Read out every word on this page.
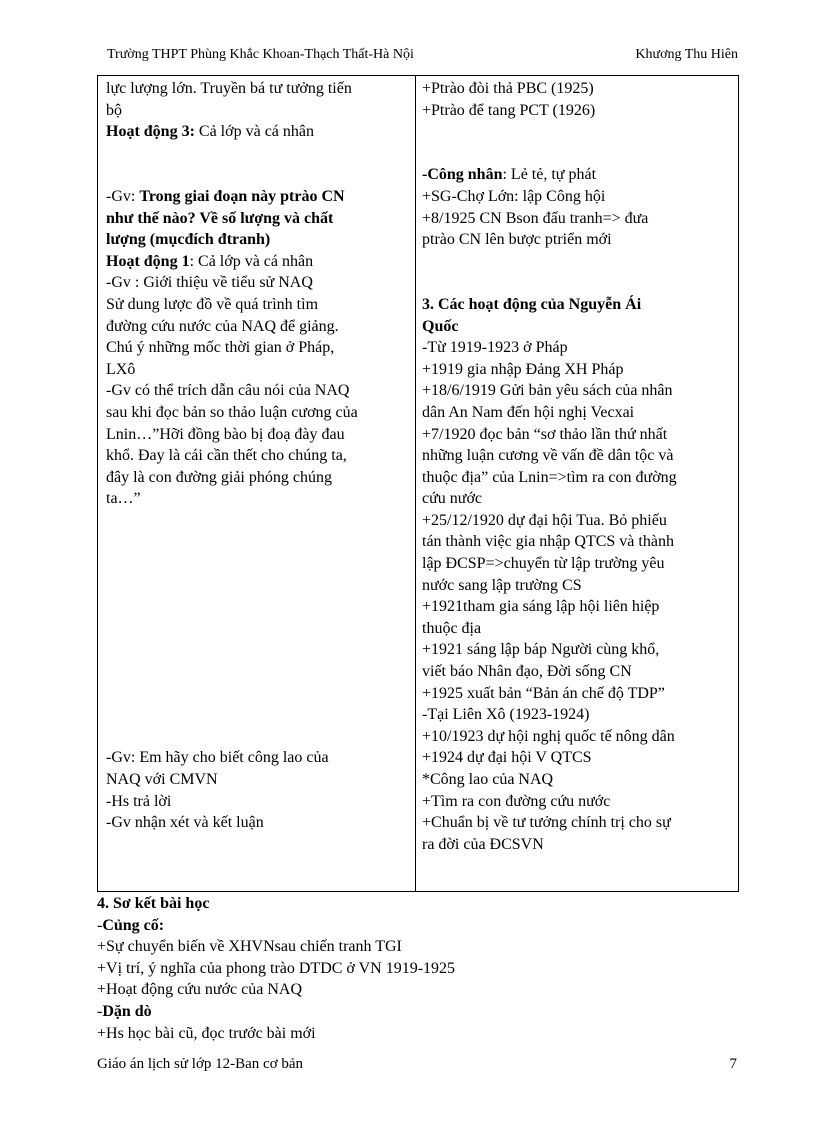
Trường THPT Phùng Khắc Khoan-Thạch Thất-Hà Nội	Khương Thu Hiên
lực lượng lớn. Truyền bá tư tưởng tiến
bộ
Hoạt động 3: Cả lớp và cá nhân
-Gv: Trong giai đoạn này ptrào CN
như thế nào? Về số lượng và chất
lượng (mụcđích đtranh)
Hoạt động 1: Cả lớp và cá nhân
-Gv : Giới thiệu về tiểu sử NAQ
Sử dung lược đồ về quá trình tìm
đường cứu nước của NAQ để giảng.
Chú ý những mốc thời gian ở Pháp,
LXô
-Gv có thể trích dẫn câu nói của NAQ
sau khi đọc bản so thảo luận cương của
Lnin…”Hỡi đồng bào bị đoạ đày đau
khổ. Đay là cái cần thết cho chúng ta,
đây là con đường giải phóng chúng
ta…”
-Gv: Em hãy cho biết công lao của
NAQ với CMVN
-Hs trả lời
-Gv nhận xét và kết luận
+Ptrào đòi thả PBC (1925)
+Ptrào để tang PCT (1926)
-Công nhân: Lẻ tẻ, tự phát
+SG-Chợ Lớn: lập Công hội
+8/1925 CN Bson đấu tranh=> đưa
ptrào CN lên bược ptriển mới
3. Các hoạt động của Nguyễn Ái
Quốc
-Từ 1919-1923 ở Pháp
+1919 gia nhập Đảng XH Pháp
+18/6/1919 Gửi bản yêu sách của nhân
dân An Nam đến hội nghị Vecxai
+7/1920 đọc bản “sơ thảo lần thứ nhất
những luận cương về vấn đề dân tộc và
thuộc địa” của Lnin=>tìm ra con đường
cứu nước
+25/12/1920 dự đại hội Tua. Bỏ phiếu
tán thành việc gia nhập QTCS và thành
lập ĐCSP=>chuyển từ lập trường yêu
nước sang lập trường CS
+1921tham gia sáng lập hội liên hiệp
thuộc địa
+1921 sáng lập báp Người cùng khổ,
viết báo Nhân đạo, Đời sống CN
+1925 xuất bản “Bản án chế độ TDP”
-Tại Liên Xô (1923-1924)
+10/1923 dự hội nghị quốc tế nông dân
+1924 dự đại hội V QTCS
*Công lao của NAQ
+Tìm ra con đường cứu nước
+Chuẩn bị về tư tưởng chính trị cho sự
ra đời của ĐCSVN
4. Sơ kết bài học
-Củng cố:
+Sự chuyển biến về XHVNsau chiến tranh TGI
+Vị trí, ý nghĩa của phong trào DTDC ở VN 1919-1925
+Hoạt động cứu nước của NAQ
-Dặn dò
+Hs học bài cũ, đọc trước bài mới
Giáo án lịch sử lớp 12-Ban cơ bản	7
